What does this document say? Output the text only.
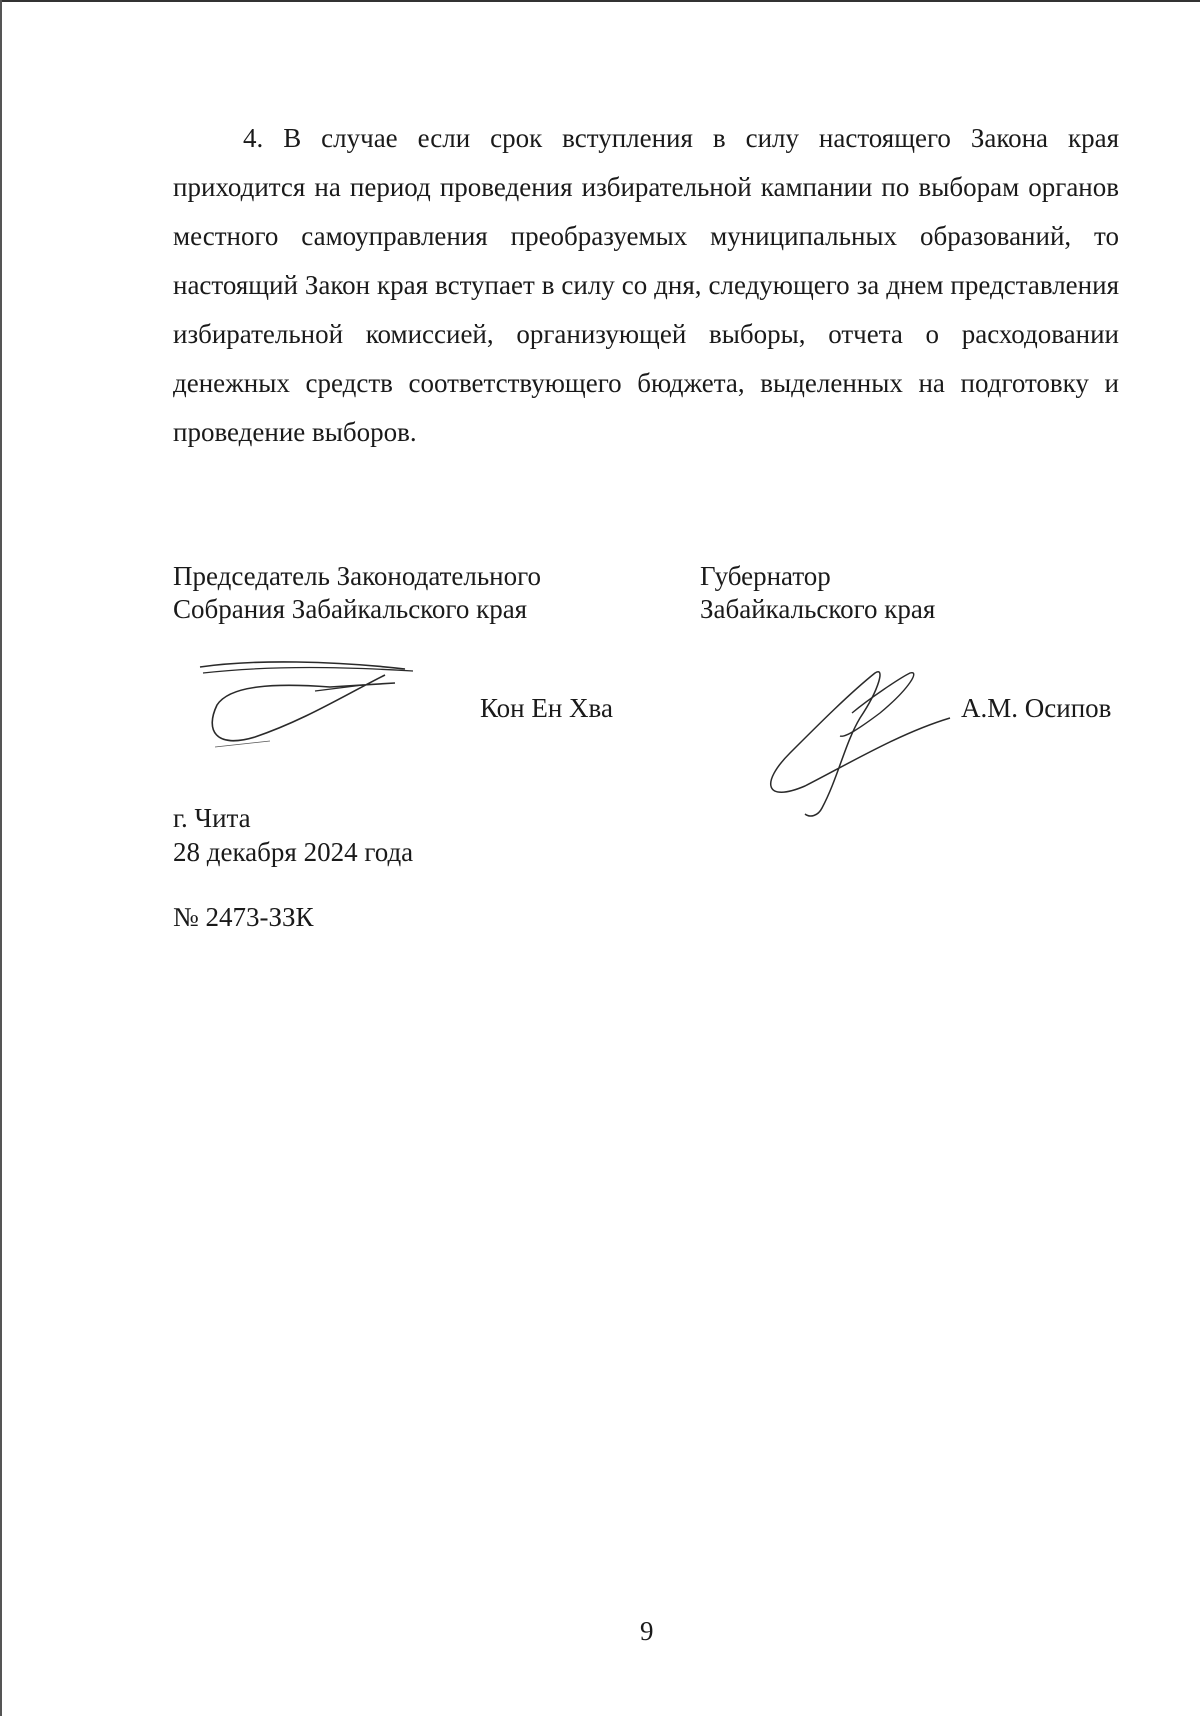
4. В случае если срок вступления в силу настоящего Закона края приходится на период проведения избирательной кампании по выборам органов местного самоуправления преобразуемых муниципальных образований, то настоящий Закон края вступает в силу со дня, следующего за днем представления избирательной комиссией, организующей выборы, отчета о расходовании денежных средств соответствующего бюджета, выделенных на подготовку и проведение выборов.

Председатель Законодательного
Собрания Забайкальского края
Губернатор
Забайкальского края
Кон Ен Хва	А.М. Осипов
г. Чита
28 декабря 2024 года
№ 2473-ЗЗК
9
